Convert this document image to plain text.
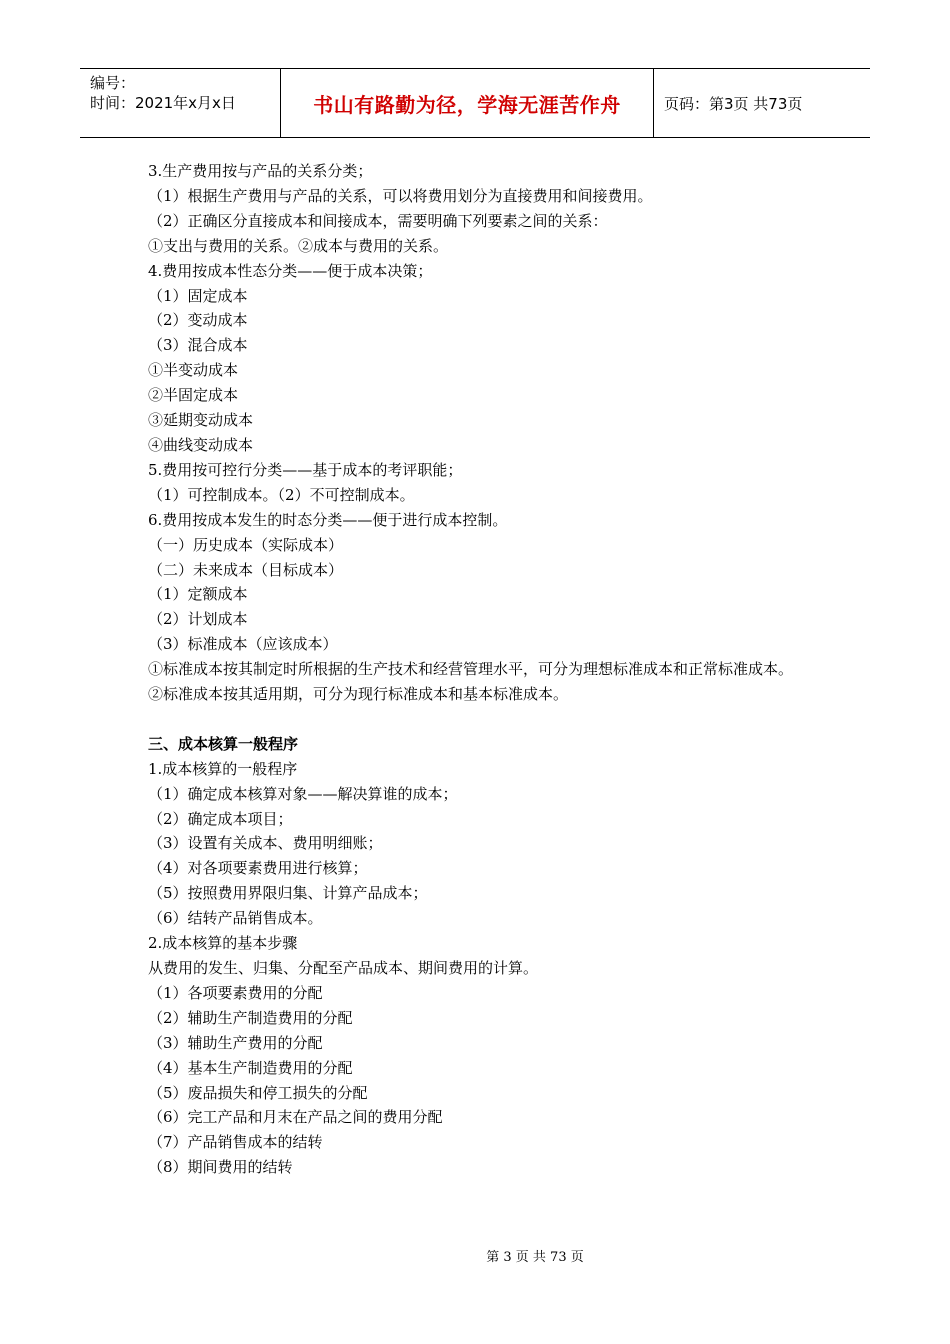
编号：
时间：2021年x月x日	书山有路勤为径，学海无涯苦作舟	页码：第3页 共73页
3.生产费用按与产品的关系分类；
（1）根据生产费用与产品的关系，可以将费用划分为直接费用和间接费用。
（2）正确区分直接成本和间接成本，需要明确下列要素之间的关系：
①支出与费用的关系。②成本与费用的关系。
4.费用按成本性态分类——便于成本决策；
（1）固定成本
（2）变动成本
（3）混合成本
①半变动成本
②半固定成本
③延期变动成本
④曲线变动成本
5.费用按可控行分类——基于成本的考评职能；
（1）可控制成本。（2）不可控制成本。
6.费用按成本发生的时态分类——便于进行成本控制。
（一）历史成本（实际成本）
（二）未来成本（目标成本）
（1）定额成本
（2）计划成本
（3）标准成本（应该成本）
①标准成本按其制定时所根据的生产技术和经营管理水平，可分为理想标准成本和正常标准成本。
②标准成本按其适用期，可分为现行标准成本和基本标准成本。
三、成本核算一般程序
1.成本核算的一般程序
（1）确定成本核算对象——解决算谁的成本；
（2）确定成本项目；
（3）设置有关成本、费用明细账；
（4）对各项要素费用进行核算；
（5）按照费用界限归集、计算产品成本；
（6）结转产品销售成本。
2.成本核算的基本步骤
从费用的发生、归集、分配至产品成本、期间费用的计算。
（1）各项要素费用的分配
（2）辅助生产制造费用的分配
（3）辅助生产费用的分配
（4）基本生产制造费用的分配
（5）废品损失和停工损失的分配
（6）完工产品和月末在产品之间的费用分配
（7）产品销售成本的结转
（8）期间费用的结转
第 3 页 共 73 页
